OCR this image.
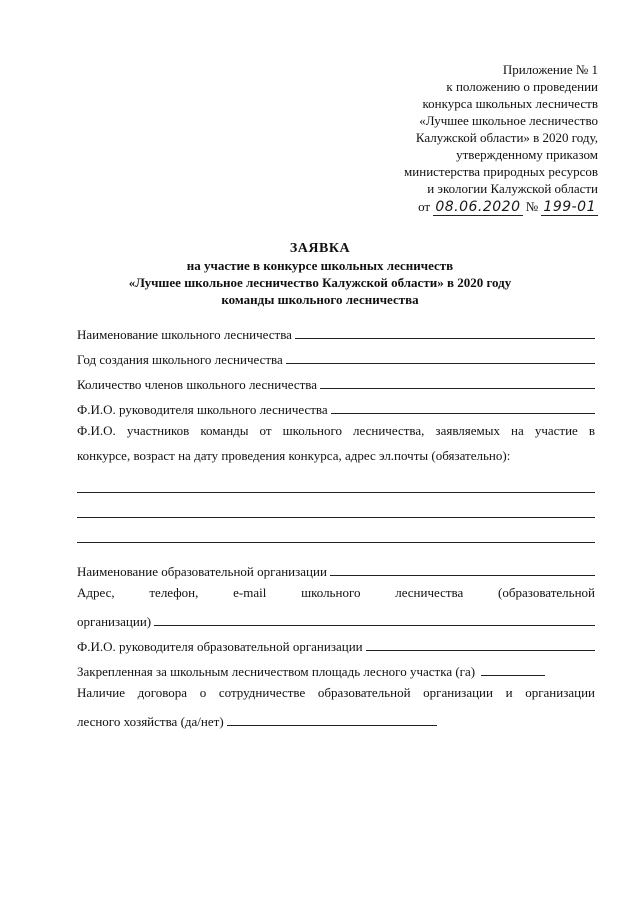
Приложение № 1
к положению о проведении
конкурса школьных лесничеств
«Лучшее школьное лесничество
Калужской области» в 2020 году,
утвержденному приказом
министерства природных ресурсов
и экологии Калужской области
от 08.06.2020 № 199-01
ЗАЯВКА
на участие в конкурсе школьных лесничеств
«Лучшее школьное лесничество Калужской области» в 2020 году
команды школьного лесничества
Наименование школьного лесничества
Год создания школьного лесничества
Количество членов школьного лесничества
Ф.И.О. руководителя школьного лесничества
Ф.И.О. участников команды от школьного лесничества, заявляемых на участие в
конкурсе, возраст на дату проведения конкурса, адрес эл.почты (обязательно):
Наименование образовательной организации
Адрес, телефон, e-mail школьного лесничества (образовательной
организации)
Ф.И.О. руководителя образовательной организации
Закрепленная за школьным лесничеством площадь лесного участка (га)
Наличие договора о сотрудничестве образовательной организации и организации
лесного хозяйства (да/нет)
